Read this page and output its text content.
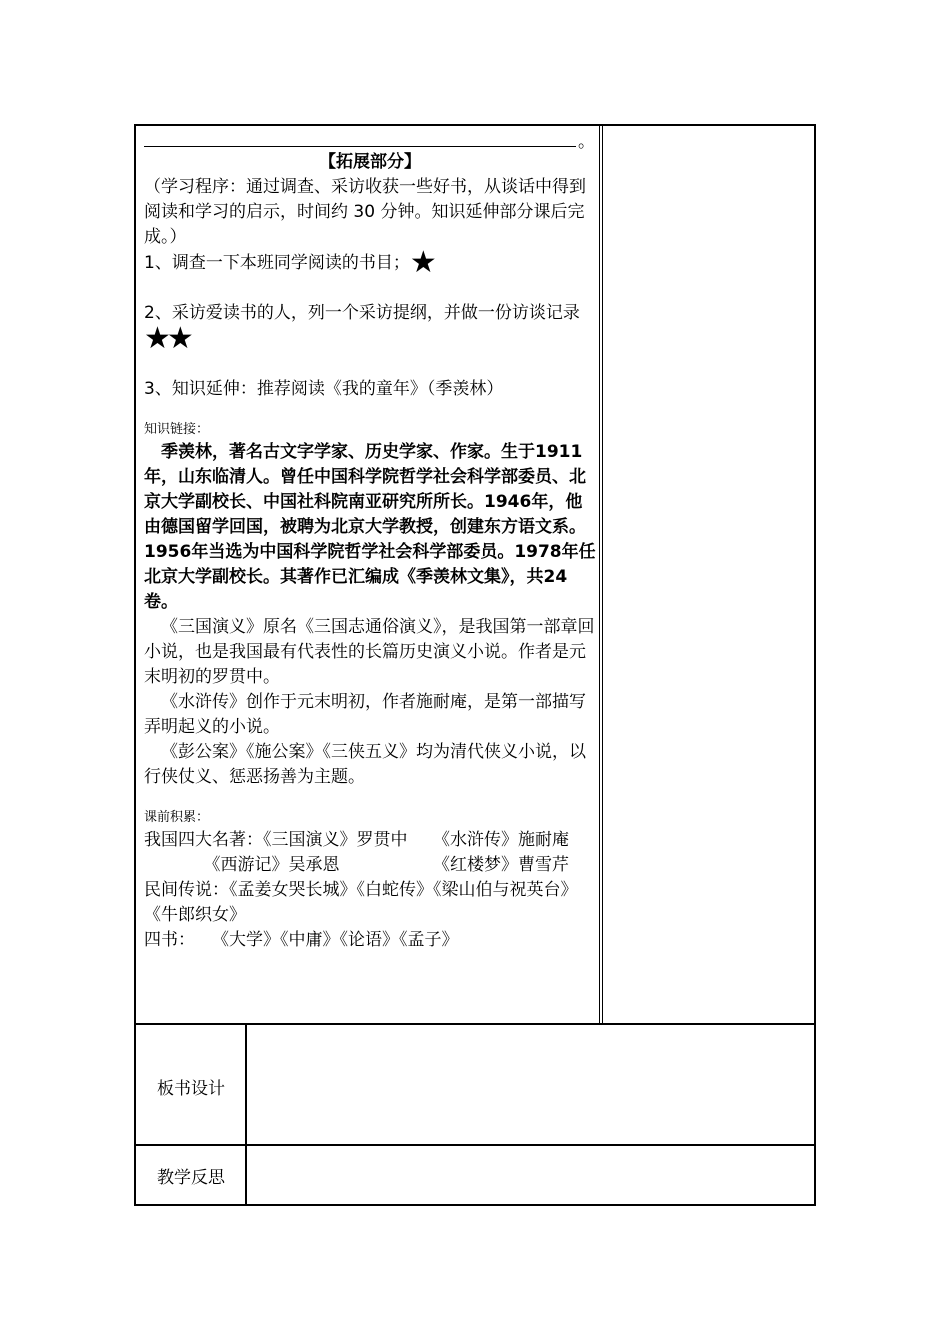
。

【拓展部分】

（学习程序：通过调查、采访收获一些好书，从谈话中得到阅读和学习的启示，时间约 30 分钟。知识延伸部分课后完成。）

1、调查一下本班同学阅读的书目；★

2、采访爱读书的人，列一个采访提纲，并做一份访谈记录　　★★

3、知识延伸：推荐阅读《我的童年》（季羡林）

知识链接：

季羡林，著名古文字学家、历史学家、作家。生于1911年，山东临清人。曾任中国科学院哲学社会科学部委员、北京大学副校长、中国社科院南亚研究所所长。1946年，他由德国留学回国，被聘为北京大学教授，创建东方语文系。1956年当选为中国科学院哲学社会科学部委员。1978年任北京大学副校长。其著作已汇编成《季羡林文集》，共24卷。

《三国演义》原名《三国志通俗演义》，是我国第一部章回小说，也是我国最有代表性的长篇历史演义小说。作者是元末明初的罗贯中。

《水浒传》创作于元末明初，作者施耐庵，是第一部描写弄明起义的小说。

《彭公案》《施公案》《三侠五义》均为清代侠义小说，以行侠仗义、惩恶扬善为主题。

课前积累：

我国四大名著：《三国演义》罗贯中　　《水浒传》施耐庵

　　　　《西游记》吴承恩　　　　　　《红楼梦》曹雪芹

民间传说：《孟姜女哭长城》《白蛇传》《梁山伯与祝英台》《牛郎织女》

四书：　　《大学》《中庸》《论语》《孟子》

板书设计
教学反思
